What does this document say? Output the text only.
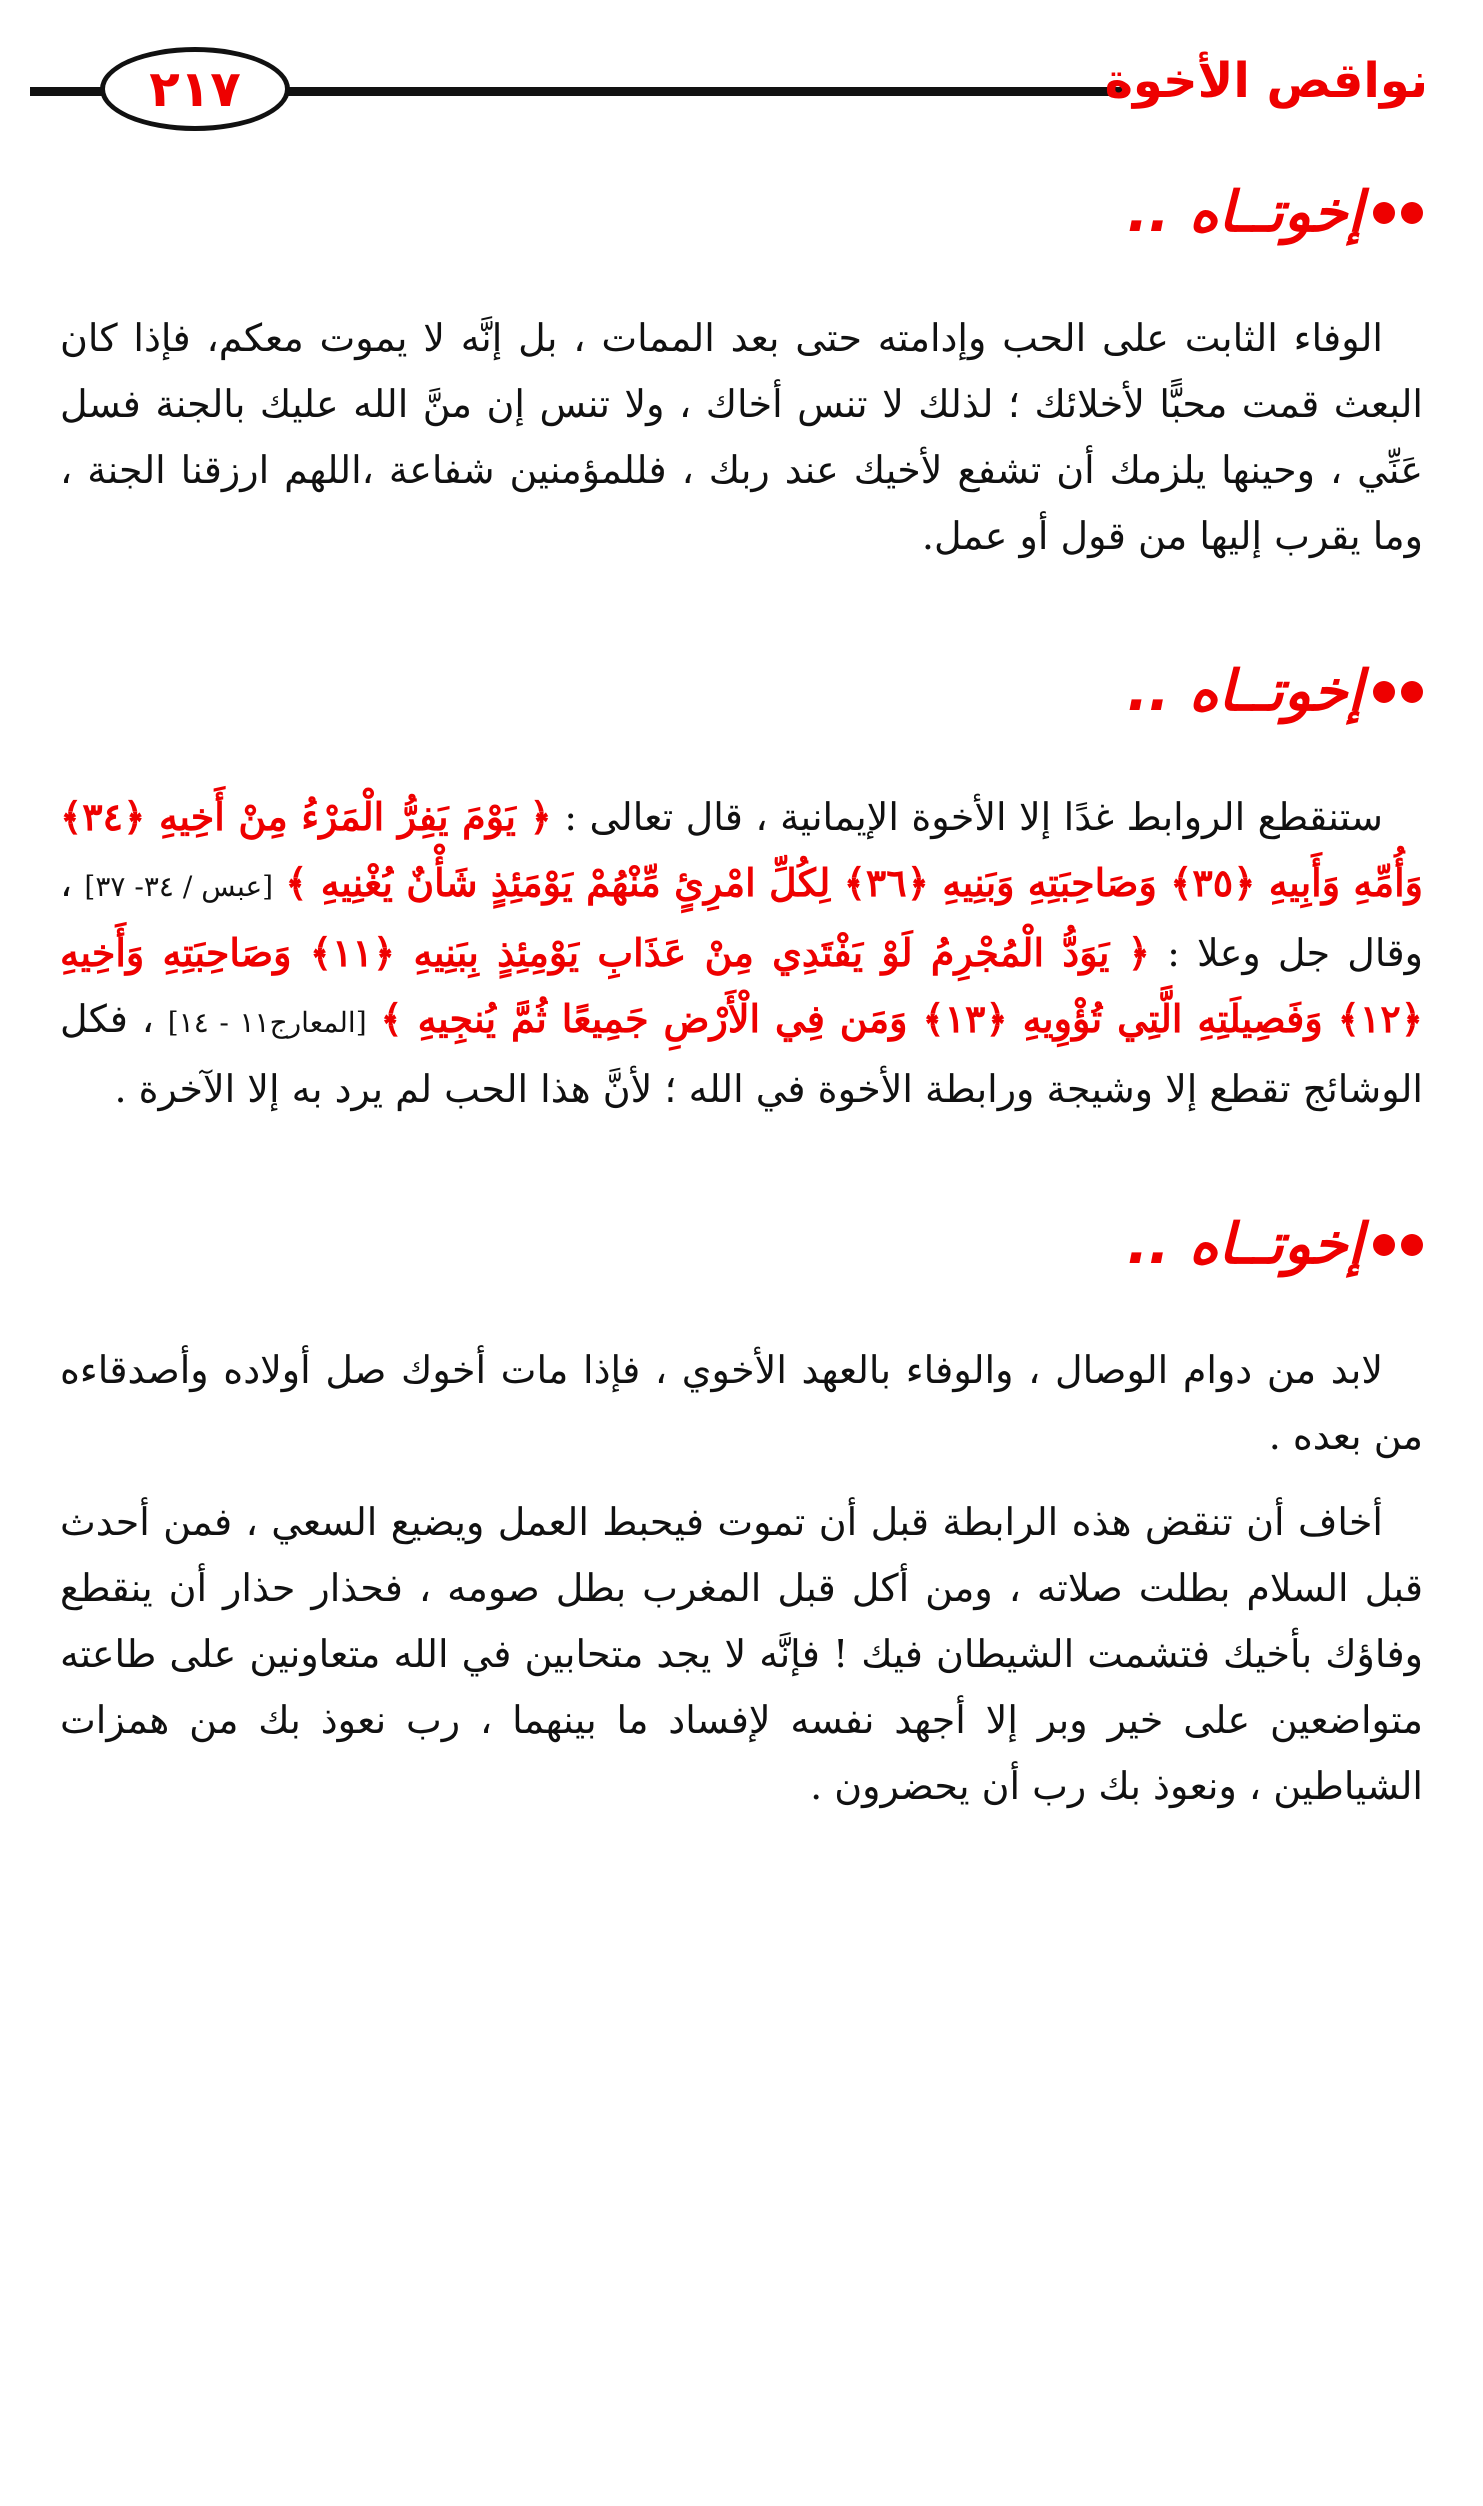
٢١٧	نواقص الأخوة
إخوتــاه ..

الوفاء الثابت على الحب وإدامته حتى بعد الممات ، بل إنَّه لا يموت معكم، فإذا كان البعث قمت محبًّا لأخلائك ؛ لذلك لا تنس أخاك ، ولا تنس إن منَّ الله عليك بالجنة فسل عَنِّي ، وحينها يلزمك أن تشفع لأخيك عند ربك ، فللمؤمنين شفاعة ،اللهم ارزقنا الجنة ، وما يقرب إليها من قول أو عمل.

إخوتــاه ..

ستنقطع الروابط غدًا إلا الأخوة الإيمانية ، قال تعالى : ﴿ يَوْمَ يَفِرُّ الْمَرْءُ مِنْ أَخِيهِ ﴿٣٤﴾ وَأُمِّهِ وَأَبِيهِ ﴿٣٥﴾ وَصَاحِبَتِهِ وَبَنِيهِ ﴿٣٦﴾ لِكُلِّ امْرِئٍ مِّنْهُمْ يَوْمَئِذٍ شَأْنٌ يُغْنِيهِ ﴾ [عبس / ٣٤- ٣٧] ، وقال جل وعلا : ﴿ يَوَدُّ الْمُجْرِمُ لَوْ يَفْتَدِي مِنْ عَذَابِ يَوْمِئِذٍ بِبَنِيهِ ﴿١١﴾ وَصَاحِبَتِهِ وَأَخِيهِ ﴿١٢﴾ وَفَصِيلَتِهِ الَّتِي تُؤْوِيهِ ﴿١٣﴾ وَمَن فِي الْأَرْضِ جَمِيعًا ثُمَّ يُنجِيهِ ﴾ [المعارج١١ - ١٤] ، فكل الوشائج تقطع إلا وشيجة ورابطة الأخوة في الله ؛ لأنَّ هذا الحب لم يرد به إلا الآخرة .

إخوتــاه ..

لابد من دوام الوصال ، والوفاء بالعهد الأخوي ، فإذا مات أخوك صل أولاده وأصدقاءه من بعده .

أخاف أن تنقض هذه الرابطة قبل أن تموت فيحبط العمل ويضيع السعي ، فمن أحدث قبل السلام بطلت صلاته ، ومن أكل قبل المغرب بطل صومه ، فحذار حذار أن ينقطع وفاؤك بأخيك فتشمت الشيطان فيك ! فإنَّه لا يجد متحابين في الله متعاونين على طاعته متواضعين على خير وبر إلا أجهد نفسه لإفساد ما بينهما ، رب نعوذ بك من همزات الشياطين ، ونعوذ بك رب أن يحضرون .
